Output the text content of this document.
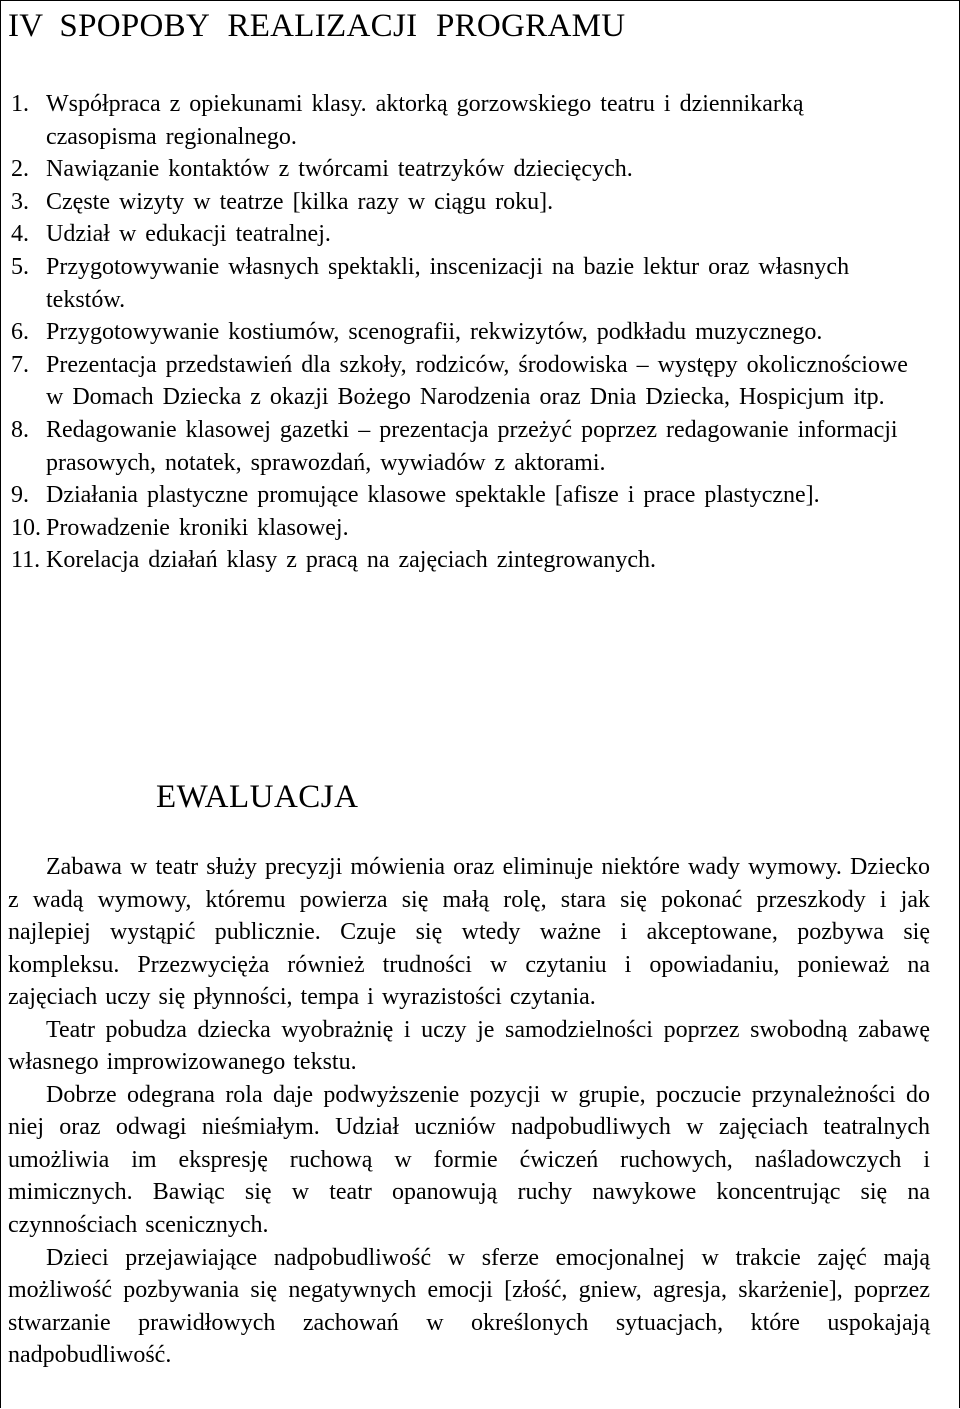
IV SPOPOBY REALIZACJI PROGRAMU
1. Współpraca z opiekunami klasy. aktorką gorzowskiego teatru i dziennikarką czasopisma regionalnego.
2. Nawiązanie kontaktów z twórcami teatrzyków dziecięcych.
3. Częste wizyty w teatrze [kilka razy w ciągu roku].
4. Udział w edukacji teatralnej.
5. Przygotowywanie własnych spektakli, inscenizacji na bazie lektur oraz własnych tekstów.
6. Przygotowywanie kostiumów, scenografii, rekwizytów, podkładu muzycznego.
7. Prezentacja przedstawień dla szkoły, rodziców, środowiska – występy okolicznościowe w Domach Dziecka z okazji Bożego Narodzenia oraz Dnia Dziecka, Hospicjum itp.
8. Redagowanie klasowej gazetki – prezentacja przeżyć poprzez redagowanie informacji prasowych, notatek, sprawozdań, wywiadów z aktorami.
9. Działania plastyczne promujące klasowe spektakle [afisze i prace plastyczne].
10. Prowadzenie kroniki klasowej.
11. Korelacja działań klasy z pracą na zajęciach zintegrowanych.
EWALUACJA

Zabawa w teatr służy precyzji mówienia oraz eliminuje niektóre wady wymowy. Dziecko z wadą wymowy, któremu powierza się małą rolę, stara się pokonać przeszkody i jak najlepiej wystąpić publicznie. Czuje się wtedy ważne i akceptowane, pozbywa się kompleksu. Przezwycięża również trudności w czytaniu i opowiadaniu, ponieważ na zajęciach uczy się płynności, tempa i wyrazistości czytania.

Teatr pobudza dziecka wyobrażnię i uczy je samodzielności poprzez swobodną zabawę własnego improwizowanego tekstu.

Dobrze odegrana rola daje podwyższenie pozycji w grupie, poczucie przynależności do niej oraz odwagi nieśmiałym. Udział uczniów nadpobudliwych w zajęciach teatralnych umożliwia im ekspresję ruchową w formie ćwiczeń ruchowych, naśladowczych i mimicznych. Bawiąc się w teatr opanowują ruchy nawykowe koncentrując się na czynnościach scenicznych.

Dzieci przejawiające nadpobudliwość w sferze emocjonalnej w trakcie zajęć mają możliwość pozbywania się negatywnych emocji [złość, gniew, agresja, skarżenie], poprzez stwarzanie prawidłowych zachowań w określonych sytuacjach, które uspokajają nadpobudliwość.
